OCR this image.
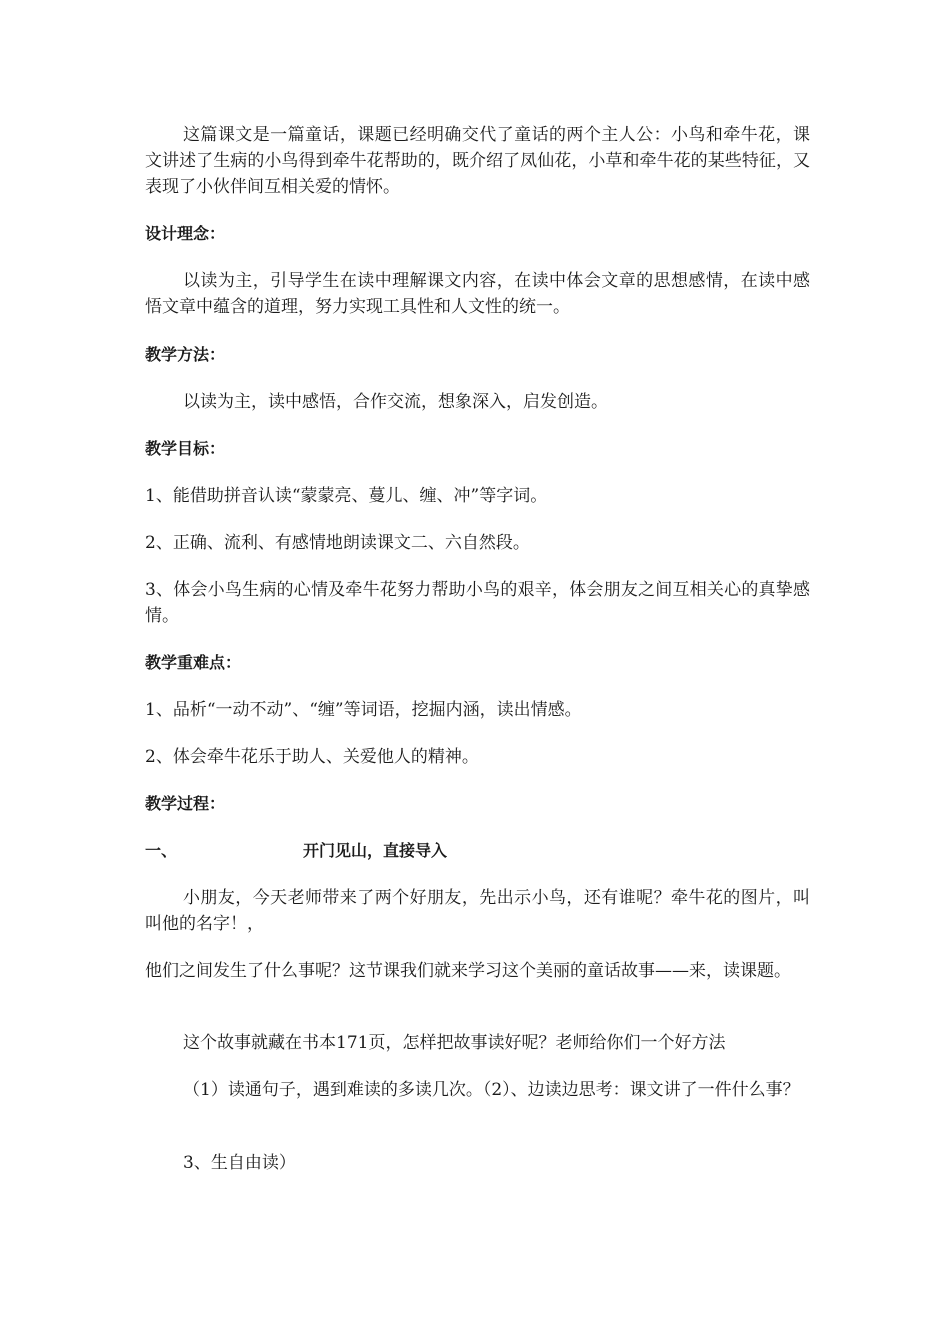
这篇课文是一篇童话，课题已经明确交代了童话的两个主人公：小鸟和牵牛花，课文讲述了生病的小鸟得到牵牛花帮助的，既介绍了凤仙花，小草和牵牛花的某些特征，又表现了小伙伴间互相关爱的情怀。

设计理念：

以读为主，引导学生在读中理解课文内容，在读中体会文章的思想感情，在读中感悟文章中蕴含的道理，努力实现工具性和人文性的统一。

教学方法：

以读为主，读中感悟，合作交流，想象深入，启发创造。

教学目标：

1、能借助拼音认读“蒙蒙亮、蔓儿、缠、冲”等字词。

2、正确、流利、有感情地朗读课文二、六自然段。

3、体会小鸟生病的心情及牵牛花努力帮助小鸟的艰辛，体会朋友之间互相关心的真挚感情。

教学重难点：

1、品析“一动不动”、“缠”等词语，挖掘内涵，读出情感。

2、体会牵牛花乐于助人、关爱他人的精神。

教学过程：

一、	开门见山，直接导入

小朋友，今天老师带来了两个好朋友，先出示小鸟，还有谁呢？牵牛花的图片，叫叫他的名字！，

他们之间发生了什么事呢？这节课我们就来学习这个美丽的童话故事——来，读课题。

这个故事就藏在书本171页，怎样把故事读好呢？老师给你们一个好方法

（1）读通句子，遇到难读的多读几次。（2）、边读边思考：课文讲了一件什么事？

3、生自由读）
